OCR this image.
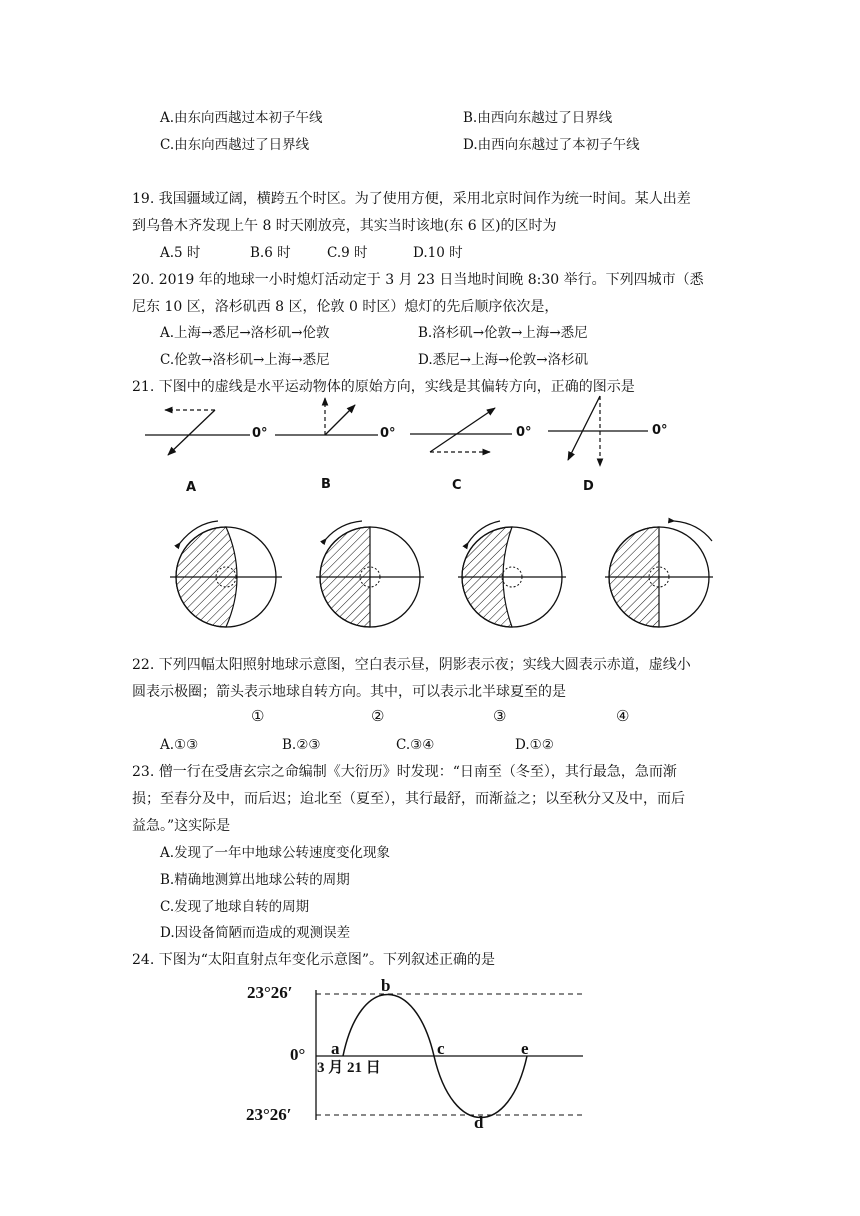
A.由东向西越过本初子午线	B.由西向东越过了日界线
C.由东向西越过了日界线	D.由西向东越过了本初子午线
19. 我国疆域辽阔，横跨五个时区。为了使用方便，采用北京时间作为统一时间。某人出差
到乌鲁木齐发现上午 8 时天刚放亮，其实当时该地(东 6 区)的区时为
A.5 时	B.6 时	C.9 时	D.10 时
20. 2019 年的地球一小时熄灯活动定于 3 月 23 日当地时间晚 8:30 举行。下列四城市（悉
尼东 10 区，洛杉矶西 8 区，伦敦 0 时区）熄灯的先后顺序依次是，
A.上海→悉尼→洛杉矶→伦敦	B.洛杉矶→伦敦→上海→悉尼
C.伦敦→洛杉矶→上海→悉尼	D.悉尼→上海→伦敦→洛杉矶
21. 下图中的虚线是水平运动物体的原始方向，实线是其偏转方向，正确的图示是
0°	0°	0°	0°
A	B	C	D
22. 下列四幅太阳照射地球示意图，空白表示昼，阴影表示夜；实线大圆表示赤道，虚线小
圆表示极圈；箭头表示地球自转方向。其中，可以表示北半球夏至的是
①	②	③	④
A.①③	B.②③	C.③④	D.①②
23. 僧一行在受唐玄宗之命编制《大衍历》时发现：“日南至（冬至），其行最急，急而渐
损；至春分及中，而后迟；迨北至（夏至），其行最舒，而渐益之；以至秋分又及中，而后
益急。”这实际是
A.发现了一年中地球公转速度变化现象
B.精确地测算出地球公转的周期
C.发现了地球自转的周期
D.因设备简陋而造成的观测误差
24. 下图为“太阳直射点年变化示意图”。下列叙述正确的是
23°26′
0°
23°26′
a
b
c
d
e
3 月 21 日
